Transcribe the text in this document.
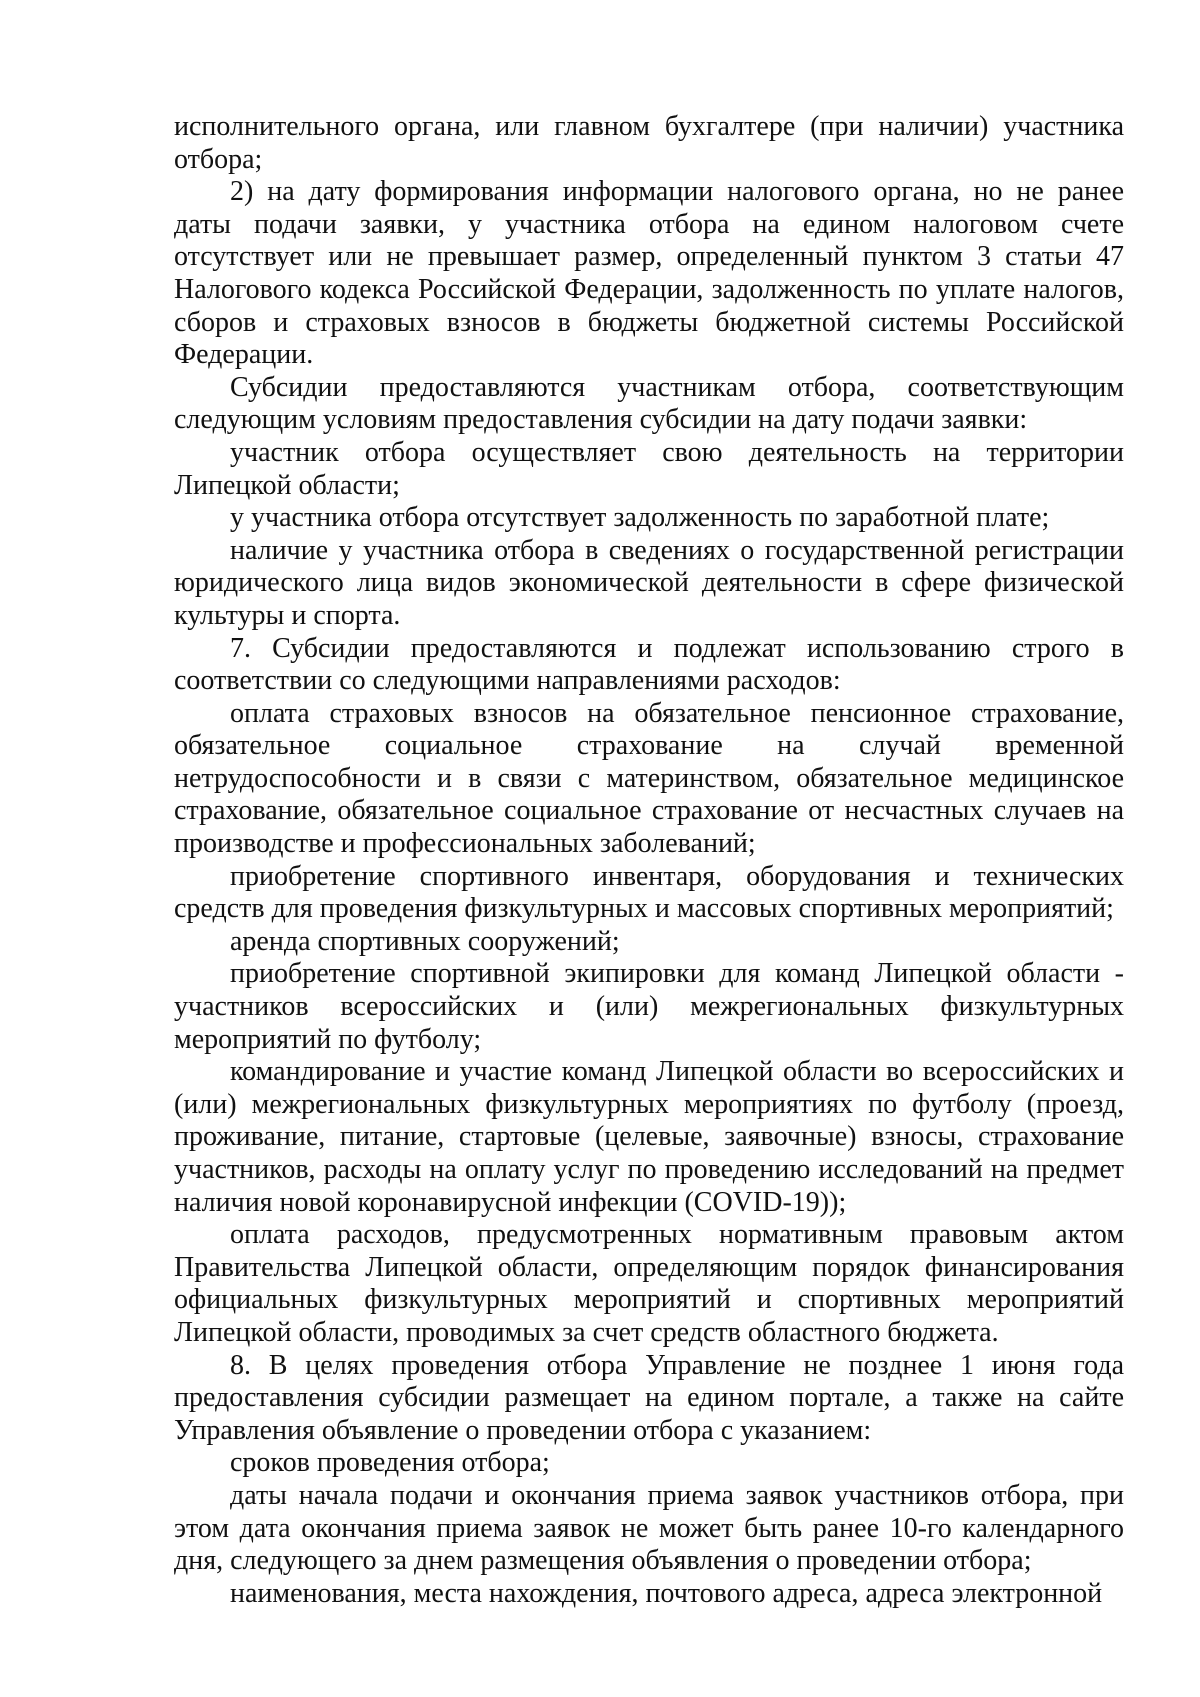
исполнительного органа, или главном бухгалтере (при наличии) участника отбора;

2) на дату формирования информации налогового органа, но не ранее даты подачи заявки, у участника отбора на едином налоговом счете отсутствует или не превышает размер, определенный пунктом 3 статьи 47 Налогового кодекса Российской Федерации, задолженность по уплате налогов, сборов и страховых взносов в бюджеты бюджетной системы Российской Федерации.

Субсидии предоставляются участникам отбора, соответствующим следующим условиям предоставления субсидии на дату подачи заявки:

участник отбора осуществляет свою деятельность на территории Липецкой области;

у участника отбора отсутствует задолженность по заработной плате;

наличие у участника отбора в сведениях о государственной регистрации юридического лица видов экономической деятельности в сфере физической культуры и спорта.

7. Субсидии предоставляются и подлежат использованию строго в соответствии со следующими направлениями расходов:

оплата страховых взносов на обязательное пенсионное страхование, обязательное социальное страхование на случай временной нетрудоспособности и в связи с материнством, обязательное медицинское страхование, обязательное социальное страхование от несчастных случаев на производстве и профессиональных заболеваний;

приобретение спортивного инвентаря, оборудования и технических средств для проведения физкультурных и массовых спортивных мероприятий;

аренда спортивных сооружений;

приобретение спортивной экипировки для команд Липецкой области - участников всероссийских и (или) межрегиональных физкультурных мероприятий по футболу;

командирование и участие команд Липецкой области во всероссийских и (или) межрегиональных физкультурных мероприятиях по футболу (проезд, проживание, питание, стартовые (целевые, заявочные) взносы, страхование участников, расходы на оплату услуг по проведению исследований на предмет наличия новой коронавирусной инфекции (COVID-19));

оплата расходов, предусмотренных нормативным правовым актом Правительства Липецкой области, определяющим порядок финансирования официальных физкультурных мероприятий и спортивных мероприятий Липецкой области, проводимых за счет средств областного бюджета.

8. В целях проведения отбора Управление не позднее 1 июня года предоставления субсидии размещает на едином портале, а также на сайте Управления объявление о проведении отбора с указанием:

сроков проведения отбора;

даты начала подачи и окончания приема заявок участников отбора, при этом дата окончания приема заявок не может быть ранее 10-го календарного дня, следующего за днем размещения объявления о проведении отбора;

наименования, места нахождения, почтового адреса, адреса электронной
